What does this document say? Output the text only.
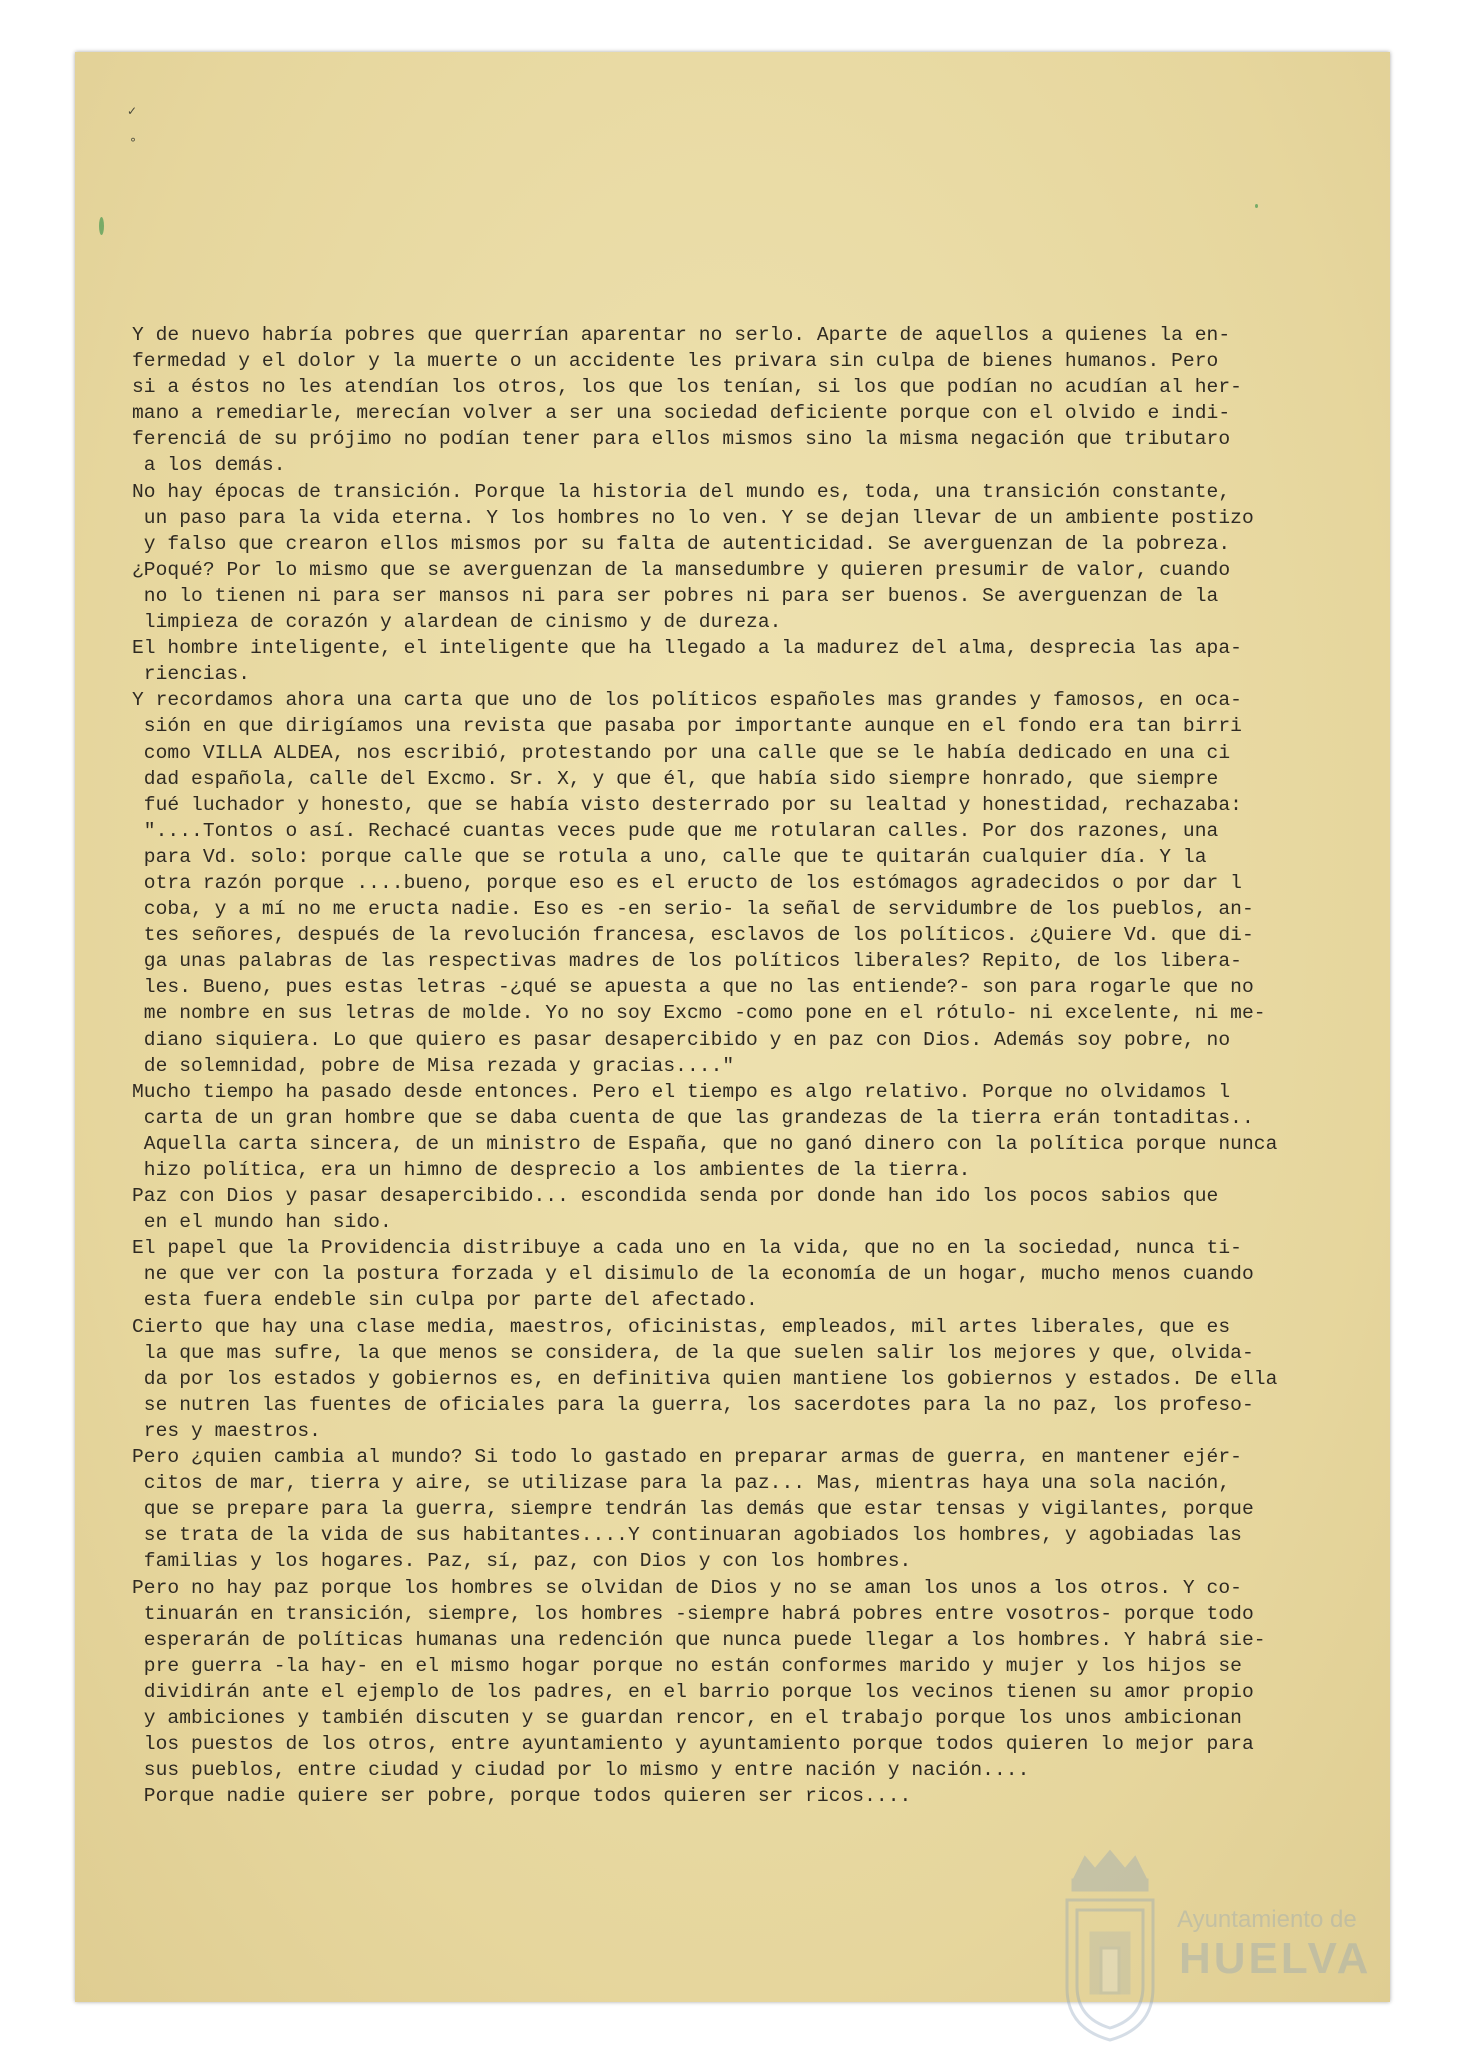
✓
°
Y de nuevo habría pobres que querrían aparentar no serlo. Aparte de aquellos a quienes la en-
fermedad y el dolor y la muerte o un accidente les privara sin culpa de bienes humanos. Pero
si a éstos no les atendían los otros, los que los tenían, si los que podían no acudían al her-
mano a remediarle, merecían volver a ser una sociedad deficiente porque con el olvido e indi-
ferenciá de su prójimo no podían tener para ellos mismos sino la misma negación que tributaro
a los demás.
No hay épocas de transición. Porque la historia del mundo es, toda, una transición constante,
un paso para la vida eterna. Y los hombres no lo ven. Y se dejan llevar de un ambiente postizo
y falso que crearon ellos mismos por su falta de autenticidad. Se averguenzan de la pobreza.
¿Poqué? Por lo mismo que se averguenzan de la mansedumbre y quieren presumir de valor, cuando
no lo tienen ni para ser mansos ni para ser pobres ni para ser buenos. Se averguenzan de la
limpieza de corazón y alardean de cinismo y de dureza.
El hombre inteligente, el inteligente que ha llegado a la madurez del alma, desprecia las apa-
riencias.
Y recordamos ahora una carta que uno de los políticos españoles mas grandes y famosos, en oca-
sión en que dirigíamos una revista que pasaba por importante aunque en el fondo era tan birri
como VILLA ALDEA, nos escribió, protestando por una calle que se le había dedicado en una ci
dad española, calle del Excmo. Sr. X, y que él, que había sido siempre honrado, que siempre
fué luchador y honesto, que se había visto desterrado por su lealtad y honestidad, rechazaba:
"....Tontos o así. Rechacé cuantas veces pude que me rotularan calles. Por dos razones, una
para Vd. solo: porque calle que se rotula a uno, calle que te quitarán cualquier día. Y la
otra razón porque ....bueno, porque eso es el eructo de los estómagos agradecidos o por dar l
coba, y a mí no me eructa nadie. Eso es -en serio- la señal de servidumbre de los pueblos, an-
tes señores, después de la revolución francesa, esclavos de los políticos. ¿Quiere Vd. que di-
ga unas palabras de las respectivas madres de los políticos liberales? Repito, de los libera-
les. Bueno, pues estas letras -¿qué se apuesta a que no las entiende?- son para rogarle que no
me nombre en sus letras de molde. Yo no soy Excmo -como pone en el rótulo- ni excelente, ni me-
diano siquiera. Lo que quiero es pasar desapercibido y en paz con Dios. Además soy pobre, no
de solemnidad, pobre de Misa rezada y gracias...."
Mucho tiempo ha pasado desde entonces. Pero el tiempo es algo relativo. Porque no olvidamos l
carta de un gran hombre que se daba cuenta de que las grandezas de la tierra erán tontaditas..
Aquella carta sincera, de un ministro de España, que no ganó dinero con la política porque nunca
hizo política, era un himno de desprecio a los ambientes de la tierra.
Paz con Dios y pasar desapercibido... escondida senda por donde han ido los pocos sabios que
en el mundo han sido.
El papel que la Providencia distribuye a cada uno en la vida, que no en la sociedad, nunca ti-
ne que ver con la postura forzada y el disimulo de la economía de un hogar, mucho menos cuando
esta fuera endeble sin culpa por parte del afectado.
Cierto que hay una clase media, maestros, oficinistas, empleados, mil artes liberales, que es
la que mas sufre, la que menos se considera, de la que suelen salir los mejores y que, olvida-
da por los estados y gobiernos es, en definitiva quien mantiene los gobiernos y estados. De ella
se nutren las fuentes de oficiales para la guerra, los sacerdotes para la no paz, los profeso-
res y maestros.
Pero ¿quien cambia al mundo? Si todo lo gastado en preparar armas de guerra, en mantener ejér-
citos de mar, tierra y aire, se utilizase para la paz... Mas, mientras haya una sola nación,
que se prepare para la guerra, siempre tendrán las demás que estar tensas y vigilantes, porque
se trata de la vida de sus habitantes....Y continuaran agobiados los hombres, y agobiadas las
familias y los hogares. Paz, sí, paz, con Dios y con los hombres.
Pero no hay paz porque los hombres se olvidan de Dios y no se aman los unos a los otros. Y co-
tinuarán en transición, siempre, los hombres -siempre habrá pobres entre vosotros- porque todo
esperarán de políticas humanas una redención que nunca puede llegar a los hombres. Y habrá sie-
pre guerra -la hay- en el mismo hogar porque no están conformes marido y mujer y los hijos se
dividirán ante el ejemplo de los padres, en el barrio porque los vecinos tienen su amor propio
y ambiciones y también discuten y se guardan rencor, en el trabajo porque los unos ambicionan
los puestos de los otros, entre ayuntamiento y ayuntamiento porque todos quieren lo mejor para
sus pueblos, entre ciudad y ciudad por lo mismo y entre nación y nación....
Porque nadie quiere ser pobre, porque todos quieren ser ricos....
Ayuntamiento de
HUELVA
